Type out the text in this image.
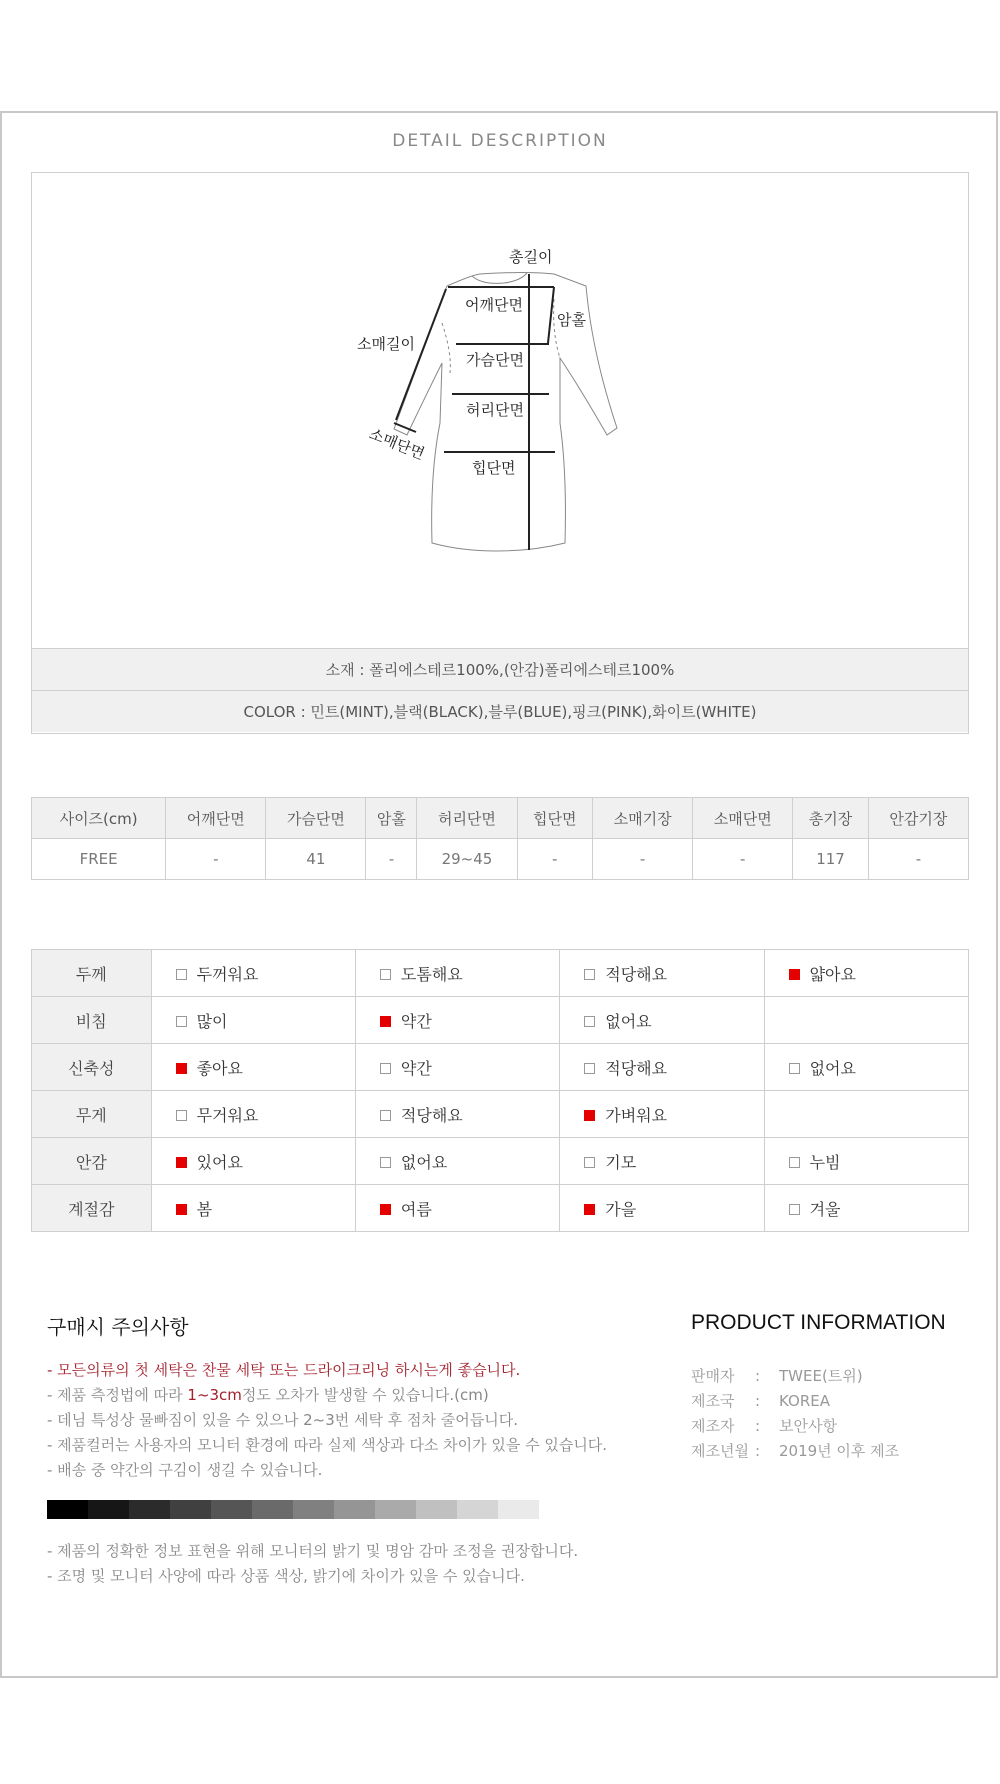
DETAIL DESCRIPTION
총길이
어깨단면
암홀
소매길이
가슴단면
허리단면
소매단면
힙단면
소재 : 폴리에스테르100%,(안감)폴리에스테르100%
COLOR : 민트(MINT),블랙(BLACK),블루(BLUE),핑크(PINK),화이트(WHITE)
사이즈(cm)	어깨단면	가슴단면	암홀	허리단면	힙단면	소매기장	소매단면	총기장	안감기장
FREE	-	41	-	29~45	-	-	-	117	-
두께	두꺼워요	도톰해요	적당해요	얇아요
비침	많이	약간	없어요	
신축성	좋아요	약간	적당해요	없어요
무게	무거워요	적당해요	가벼워요	
안감	있어요	없어요	기모	누빔
계절감	봄	여름	가을	겨울
구매시 주의사항	PRODUCT INFORMATION
- 모든의류의 첫 세탁은 찬물 세탁 또는 드라이크리닝 하시는게 좋습니다.
- 제품 측정법에 따라 1~3cm정도 오차가 발생할 수 있습니다.(cm)
- 데님 특성상 물빠짐이 있을 수 있으나 2~3번 세탁 후 점차 줄어듭니다.
- 제품컬러는 사용자의 모니터 환경에 따라 실제 색상과 다소 차이가 있을 수 있습니다.
- 배송 중 약간의 구김이 생길 수 있습니다.
- 제품의 정확한 정보 표현을 위해 모니터의 밝기 및 명암 감마 조정을 권장합니다.
- 조명 및 모니터 사양에 따라 상품 색상, 밝기에 차이가 있을 수 있습니다.
판매자 : TWEE(트위)
제조국 : KOREA
제조자 : 보안사항
제조년월 : 2019년 이후 제조
